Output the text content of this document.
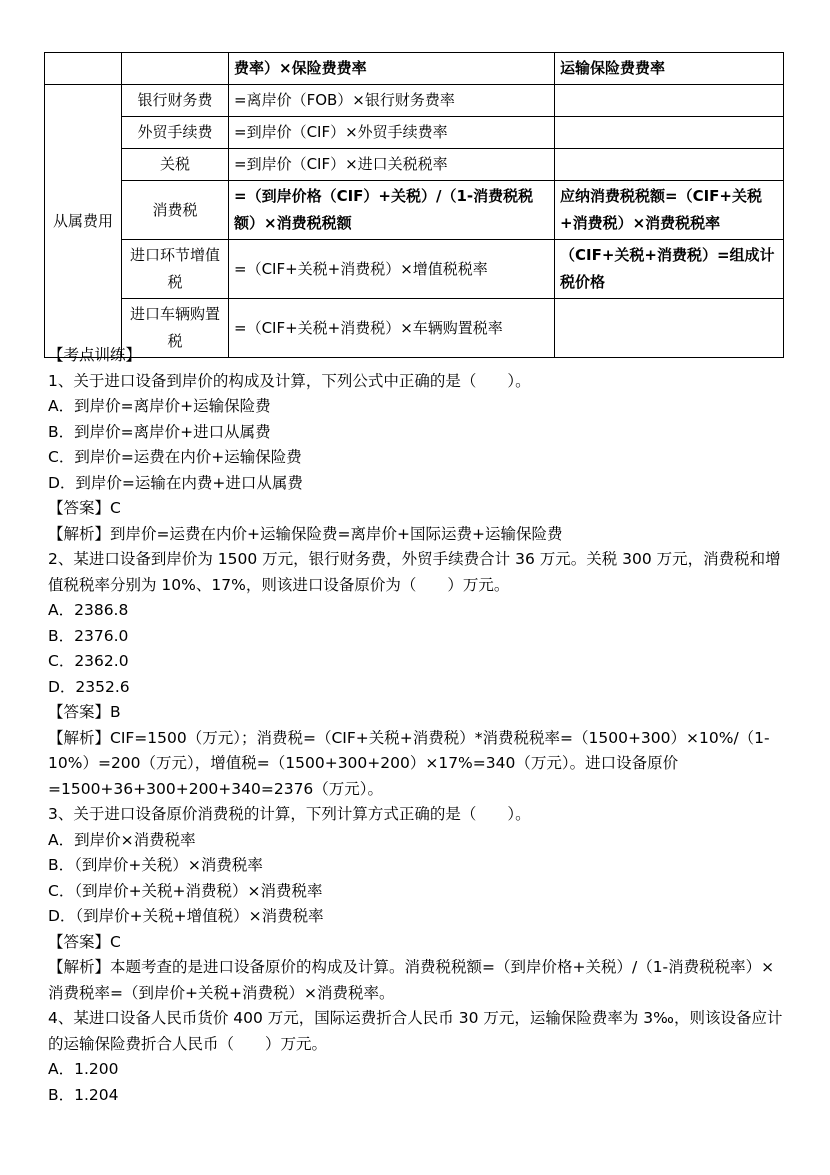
		费率）×保险费费率	运输保险费费率
从属费用	银行财务费	=离岸价（FOB）×银行财务费率	
	外贸手续费	=到岸价（CIF）×外贸手续费率	
	关税	=到岸价（CIF）×进口关税税率	
	消费税	=（到岸价格（CIF）+关税）/（1-消费税税额）×消费税税额	应纳消费税税额=（CIF+关税+消费税）×消费税税率
	进口环节增值税	=（CIF+关税+消费税）×增值税税率	（CIF+关税+消费税）=组成计税价格
	进口车辆购置税	=（CIF+关税+消费税）×车辆购置税率	

【考点训练】

1、关于进口设备到岸价的构成及计算，下列公式中正确的是（　　）。

A．到岸价=离岸价+运输保险费

B．到岸价=离岸价+进口从属费

C．到岸价=运费在内价+运输保险费

D．到岸价=运输在内费+进口从属费

【答案】C

【解析】到岸价=运费在内价+运输保险费=离岸价+国际运费+运输保险费

2、某进口设备到岸价为 1500 万元，银行财务费，外贸手续费合计 36 万元。关税 300 万元，消费税和增值税税率分别为 10%、17%，则该进口设备原价为（　　）万元。

A．2386.8

B．2376.0

C．2362.0

D．2352.6

【答案】B

【解析】CIF=1500（万元）；消费税=（CIF+关税+消费税）*消费税税率=（1500+300）×10%/（1-10%）=200（万元），增值税=（1500+300+200）×17%=340（万元）。进口设备原价=1500+36+300+200+340=2376（万元）。

3、关于进口设备原价消费税的计算，下列计算方式正确的是（　　）。

A．到岸价×消费税率

B．（到岸价+关税）×消费税率

C．（到岸价+关税+消费税）×消费税率

D．（到岸价+关税+增值税）×消费税率

【答案】C

【解析】本题考查的是进口设备原价的构成及计算。消费税税额=（到岸价格+关税）/（1-消费税税率）×消费税率=（到岸价+关税+消费税）×消费税率。

4、某进口设备人民币货价 400 万元，国际运费折合人民币 30 万元，运输保险费率为 3‰，则该设备应计的运输保险费折合人民币（　　）万元。

A．1.200

B．1.204
